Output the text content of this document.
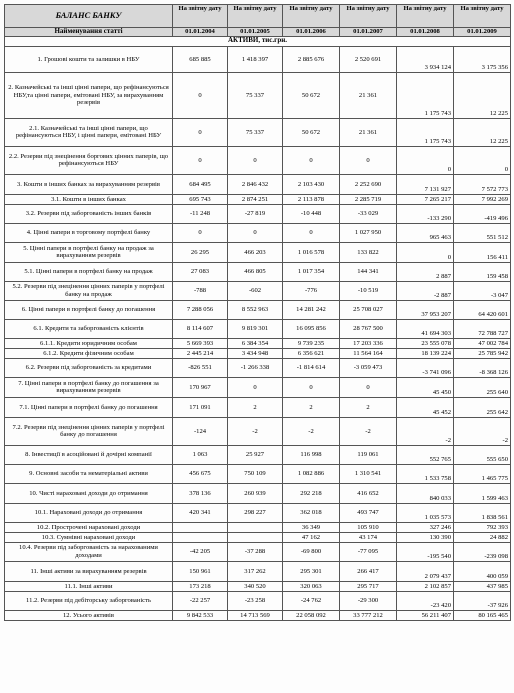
БАЛАНС БАНКУ	На звітну дату	На звітну дату	На звітну дату	На звітну дату	На звітну дату	На звітну дату
Найменування статті	01.01.2004	01.01.2005	01.01.2006	01.01.2007	01.01.2008	01.01.2009
АКТИВИ, тис.грн.						
1. Грошові кошти та залишки в НБУ	685 885	1 418 397	2 885 676	2 520 691	3 934 124	3 175 356
2. Казначейські та інші цінні папери, що рефінансуються НБУ,та цінні папери, емітовані НБУ, за вирахуванням резервів	0	75 337	50 672	21 361	1 175 743	12 225
2.1. Казначейські та інші цінні папери, що рефінансуються НБУ, і цінні папери, емітовані НБУ	0	75 337	50 672	21 361	1 175 743	12 225
2.2. Резерви під знецінення боргових цінних паперів, що рефінансуються НБУ	0	0	0	0	0	0
3. Кошти в інших банках за вирахуванням резервів	684 495	2 846 432	2 103 430	2 252 690	7 131 927	7 572 773
3.1. Кошти в інших банках	695 743	2 874 251	2 113 878	2 285 719	7 265 217	7 992 269
3.2. Резерви під заборгованість інших банків	-11 248	-27 819	-10 448	-33 029	-133 290	-419 496
4. Цінні папери в торговому портфелі банку	0	0	0	1 027 950	965 463	551 512
5. Цінні папери в портфелі банку на продаж за вирахуванням резервів	26 295	466 203	1 016 578	133 822	0	156 411
5.1. Цінні папери в портфелі банку на продаж	27 083	466 805	1 017 354	144 341	2 887	159 458
5.2. Резерви під знецінення цінних паперів у портфелі банку на продаж	-788	-602	-776	-10 519	-2 887	-3 047
6. Цінні папери в портфелі банку до погашення	7 288 056	8 552 963	14 281 242	25 708 027	37 953 207	64 420 601
6.1. Кредити та заборгованість клієнтів	8 114 607	9 819 301	16 095 856	28 767 500	41 694 303	72 788 727
6.1.1. Кредити юридичним особам	5 669 393	6 384 354	9 739 235	17 203 336	23 555 078	47 002 784
6.1.2. Кредити фізичним особам	2 445 214	3 434 948	6 356 621	11 564 164	18 139 224	25 785 942
6.2. Резерви під заборгованість за кредитами	-826 551	-1 266 338	-1 814 614	-3 059 473	-3 741 096	-8 368 126
7. Цінні папери в портфелі банку до погашення за вирахуванням резервів	170 967	0	0	0	45 450	255 640
7.1. Цінні папери в портфелі банку до погашення	171 091	2	2	2	45 452	255 642
7.2. Резерви під знецінення цінних паперів у портфелі банку до погашення	-124	-2	-2	-2	-2	-2
8. Інвестиції в асоційовані й дочірні компанії	1 063	25 927	116 998	119 061	552 765	555 650
9. Основні засоби та нематеріальні активи	456 675	750 109	1 082 886	1 310 541	1 533 758	1 465 775
10. Чисті нараховані доходи до отримання	378 136	260 939	292 218	416 652	840 033	1 599 463
10.1. Нараховані доходи до отримання	420 341	298 227	362 018	493 747	1 035 573	1 838 561
10.2. Прострочені нараховані доходи			36 349	105 910	327 246	792 393
10.3. Сумнівні нараховані доходи			47 162	43 174	130 390	24 882
10.4. Резерви під заборгованість за нарахованими доходами	-42 205	-37 288	-69 800	-77 095	-195 540	-239 098
11. Інші активи за вирахуванням резервів	150 961	317 262	295 301	266 417	2 079 437	400 059
11.1. Інші активи	173 218	340 520	320 063	295 717	2 102 857	437 985
11.2. Резерви під дебіторську заборгованість	-22 257	-23 258	-24 762	-29 300	-23 420	-37 926
12. Усього активів	9 842 533	14 713 569	22 058 092	33 777 212	56 211 407	80 165 465
